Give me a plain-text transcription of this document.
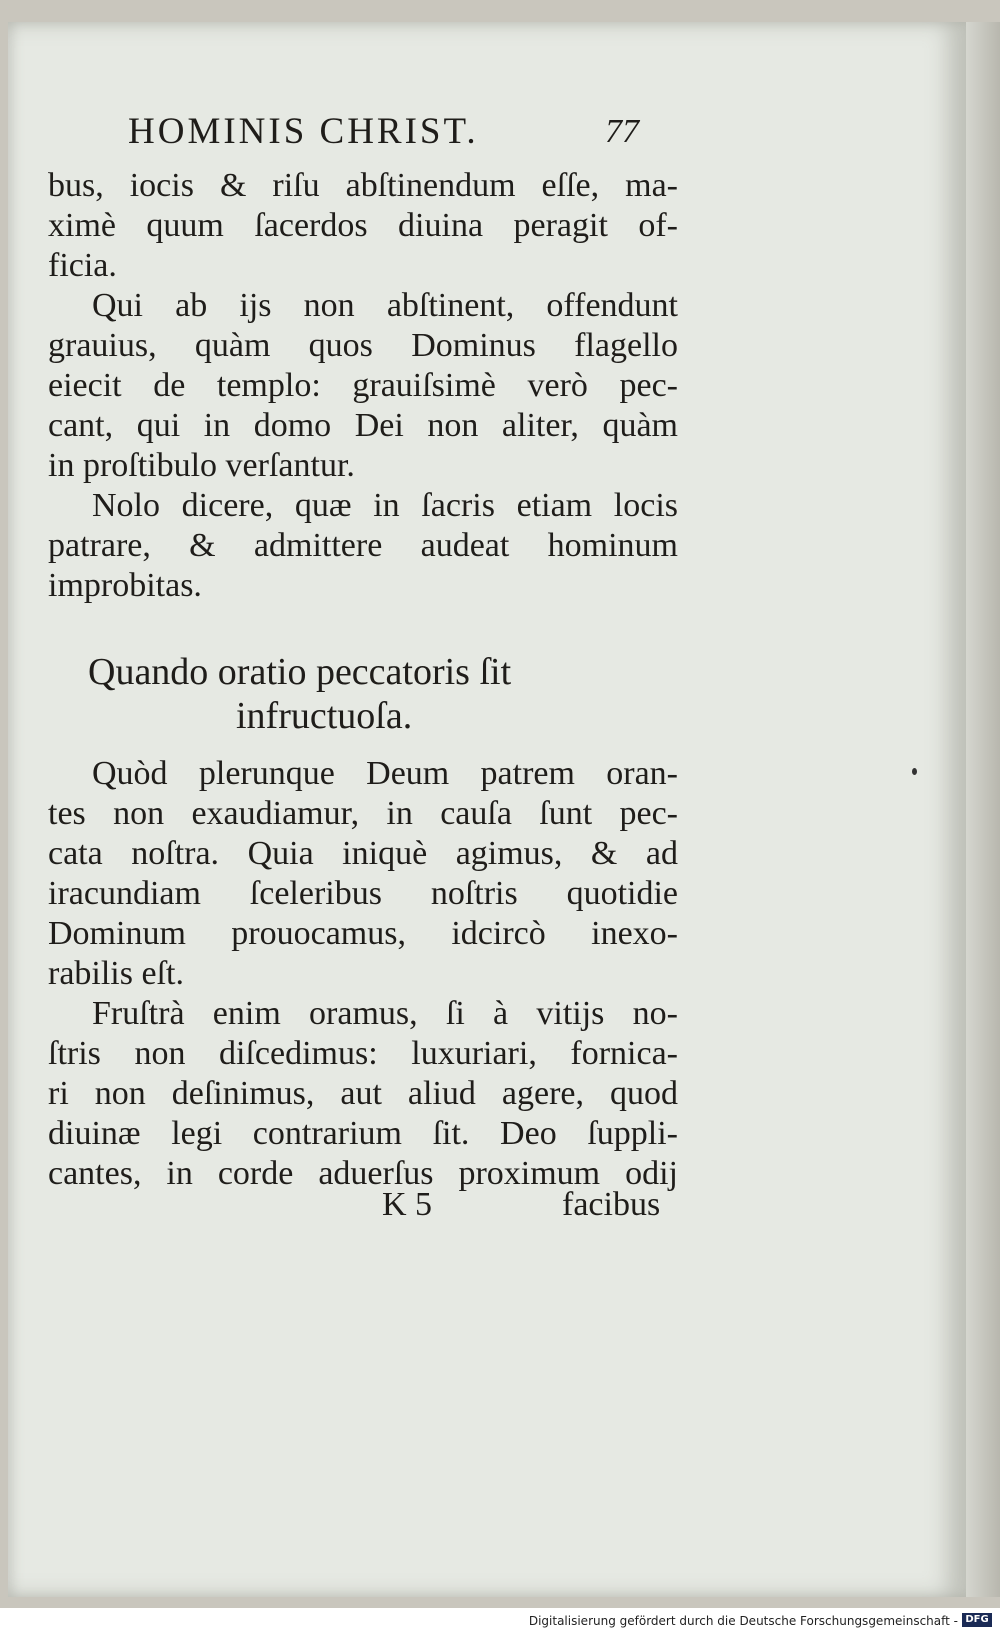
HOMINIS CHRIST.	77
bus, iocis & riſu abſtinendum eſſe, ma-
ximè quum ſacerdos diuina peragit of-
ficia.
Qui ab ijs non abſtinent, offendunt
grauius, quàm quos Dominus flagello
eiecit de templo: grauiſsimè verò pec-
cant, qui in domo Dei non aliter, quàm
in proſtibulo verſantur.
Nolo dicere, quæ in ſacris etiam locis
patrare, & admittere audeat hominum
improbitas.
Quando oratio peccatoris ſit
infructuoſa.
Quòd plerunque Deum patrem oran-
tes non exaudiamur, in cauſa ſunt pec-
cata noſtra. Quia iniquè agimus, & ad
iracundiam ſceleribus noſtris quotidie
Dominum prouocamus, idcircò inexo-
rabilis eſt.
Fruſtrà enim oramus, ſi à vitijs no-
ſtris non diſcedimus: luxuriari, fornica-
ri non deſinimus, aut aliud agere, quod
diuinæ legi contrarium ſit. Deo ſuppli-
cantes, in corde aduerſus proximum odij
K 5	facibus
Digitalisierung gefördert durch die Deutsche Forschungsgemeinschaft - DFG
